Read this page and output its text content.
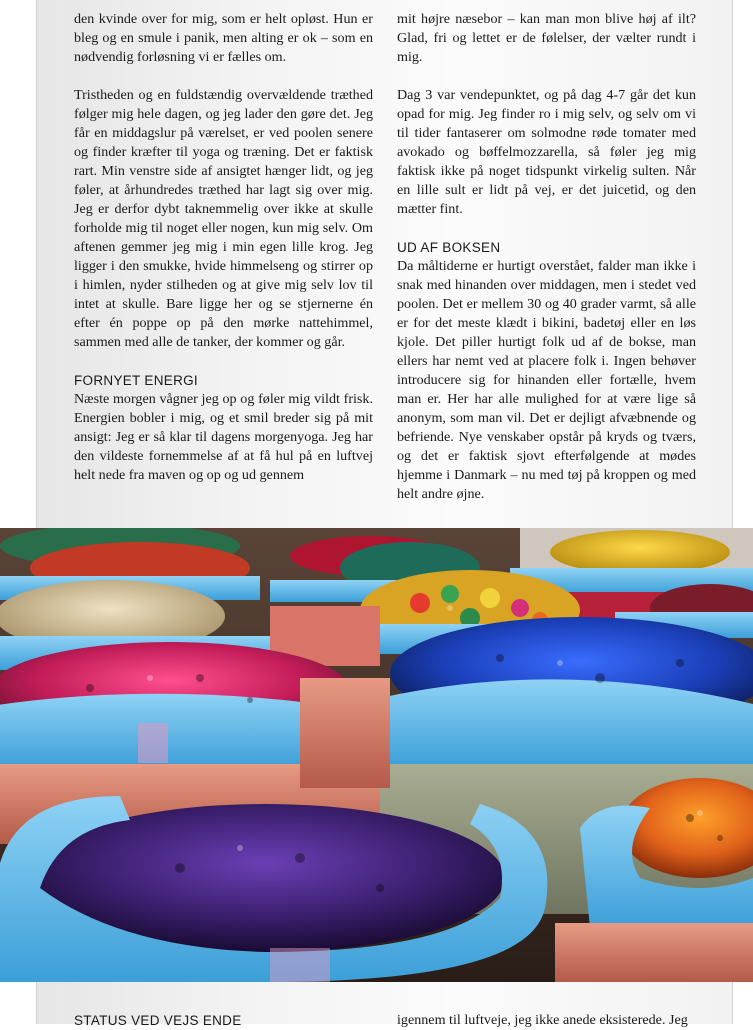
den kvinde over for mig, som er helt opløst. Hun er bleg og en smule i panik, men alting er ok – som en nødvendig forløsning vi er fælles om.

Tristheden og en fuldstændig overvældende træthed følger mig hele dagen, og jeg lader den gøre det. Jeg får en middagslur på værelset, er ved poolen senere og finder kræfter til yoga og træning. Det er faktisk rart. Min venstre side af ansigtet hænger lidt, og jeg føler, at århundredes træthed har lagt sig over mig. Jeg er derfor dybt taknemmelig over ikke at skulle forholde mig til noget eller nogen, kun mig selv. Om aftenen gemmer jeg mig i min egen lille krog. Jeg ligger i den smukke, hvide himmelseng og stirrer op i himlen, nyder stilheden og at give mig selv lov til intet at skulle. Bare ligge her og se stjernerne én efter én poppe op på den mørke nattehimmel, sammen med alle de tanker, der kommer og går.

FORNYET ENERGI

Næste morgen vågner jeg op og føler mig vildt frisk. Energien bobler i mig, og et smil breder sig på mit ansigt: Jeg er så klar til dagens morgenyoga. Jeg har den vildeste fornemmelse af at få hul på en luftvej helt nede fra maven og op og ud gennem

mit højre næsebor – kan man mon blive høj af ilt? Glad, fri og lettet er de følelser, der vælter rundt i mig.

Dag 3 var vendepunktet, og på dag 4-7 går det kun opad for mig. Jeg finder ro i mig selv, og selv om vi til tider fantaserer om solmodne røde tomater med avokado og bøffelmozzarella, så føler jeg mig faktisk ikke på noget tidspunkt virkelig sulten. Når en lille sult er lidt på vej, er det juicetid, og den mætter fint.

UD AF BOKSEN

Da måltiderne er hurtigt overstået, falder man ikke i snak med hinanden over middagen, men i stedet ved poolen. Det er mellem 30 og 40 grader varmt, så alle er for det meste klædt i bikini, badetøj eller en løs kjole. Det piller hurtigt folk ud af de bokse, man ellers har nemt ved at placere folk i. Ingen behøver introducere sig for hinanden eller fortælle, hvem man er. Her har alle mulighed for at være lige så anonym, som man vil. Det er dejligt afvæbnende og befriende. Nye venskaber opstår på kryds og tværs, og det er faktisk sjovt efterfølgende at mødes hjemme i Danmark – nu med tøj på kroppen og med helt andre øjne.

STATUS VED VEJS ENDE	igennem til luftveje, jeg ikke anede eksisterede. Jeg
